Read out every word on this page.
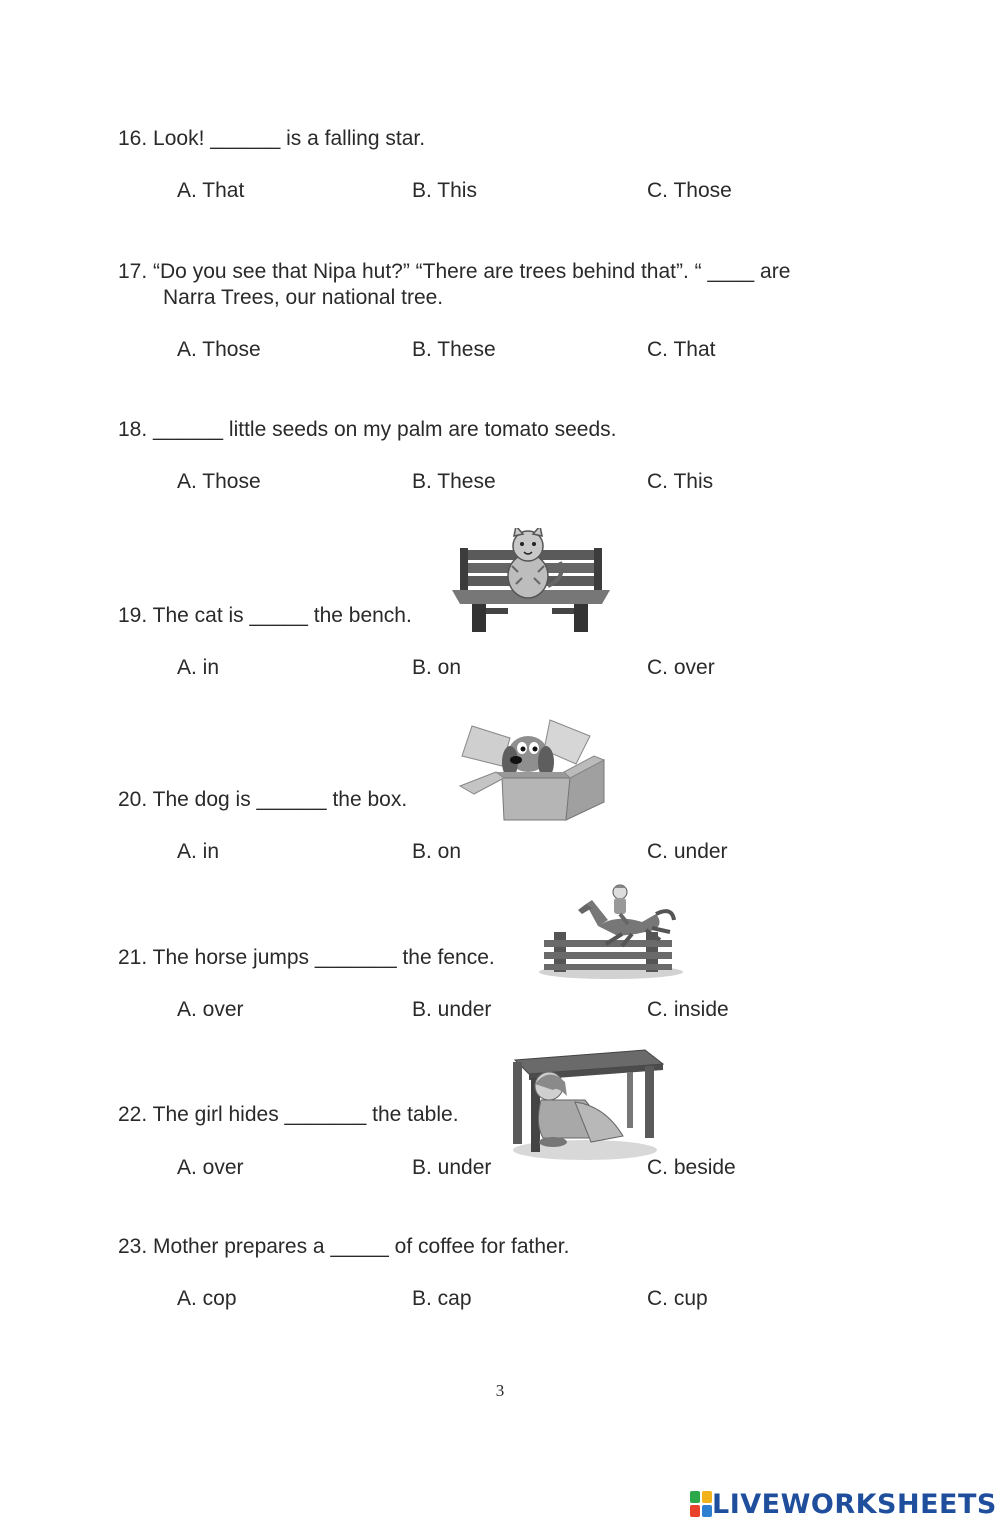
16. Look! ______ is a falling star.
A. That	B. This	C. Those
17. “Do you see that Nipa hut?” “There are trees behind that”. “ ____ are
Narra Trees, our national tree.
A. Those	B. These	C. That
18. ______ little seeds on my palm are tomato seeds.
A. Those	B. These	C. This
19. The cat is _____ the bench.
A. in	B. on	C. over
20. The dog is ______ the box.
A. in	B. on	C. under
21. The horse jumps _______ the fence.
A. over	B. under	C. inside
22. The girl hides _______ the table.
A. over	B. under	C. beside
23. Mother prepares a _____ of coffee for father.
A. cop	B. cap	C. cup
3
LIVEWORKSHEETS
